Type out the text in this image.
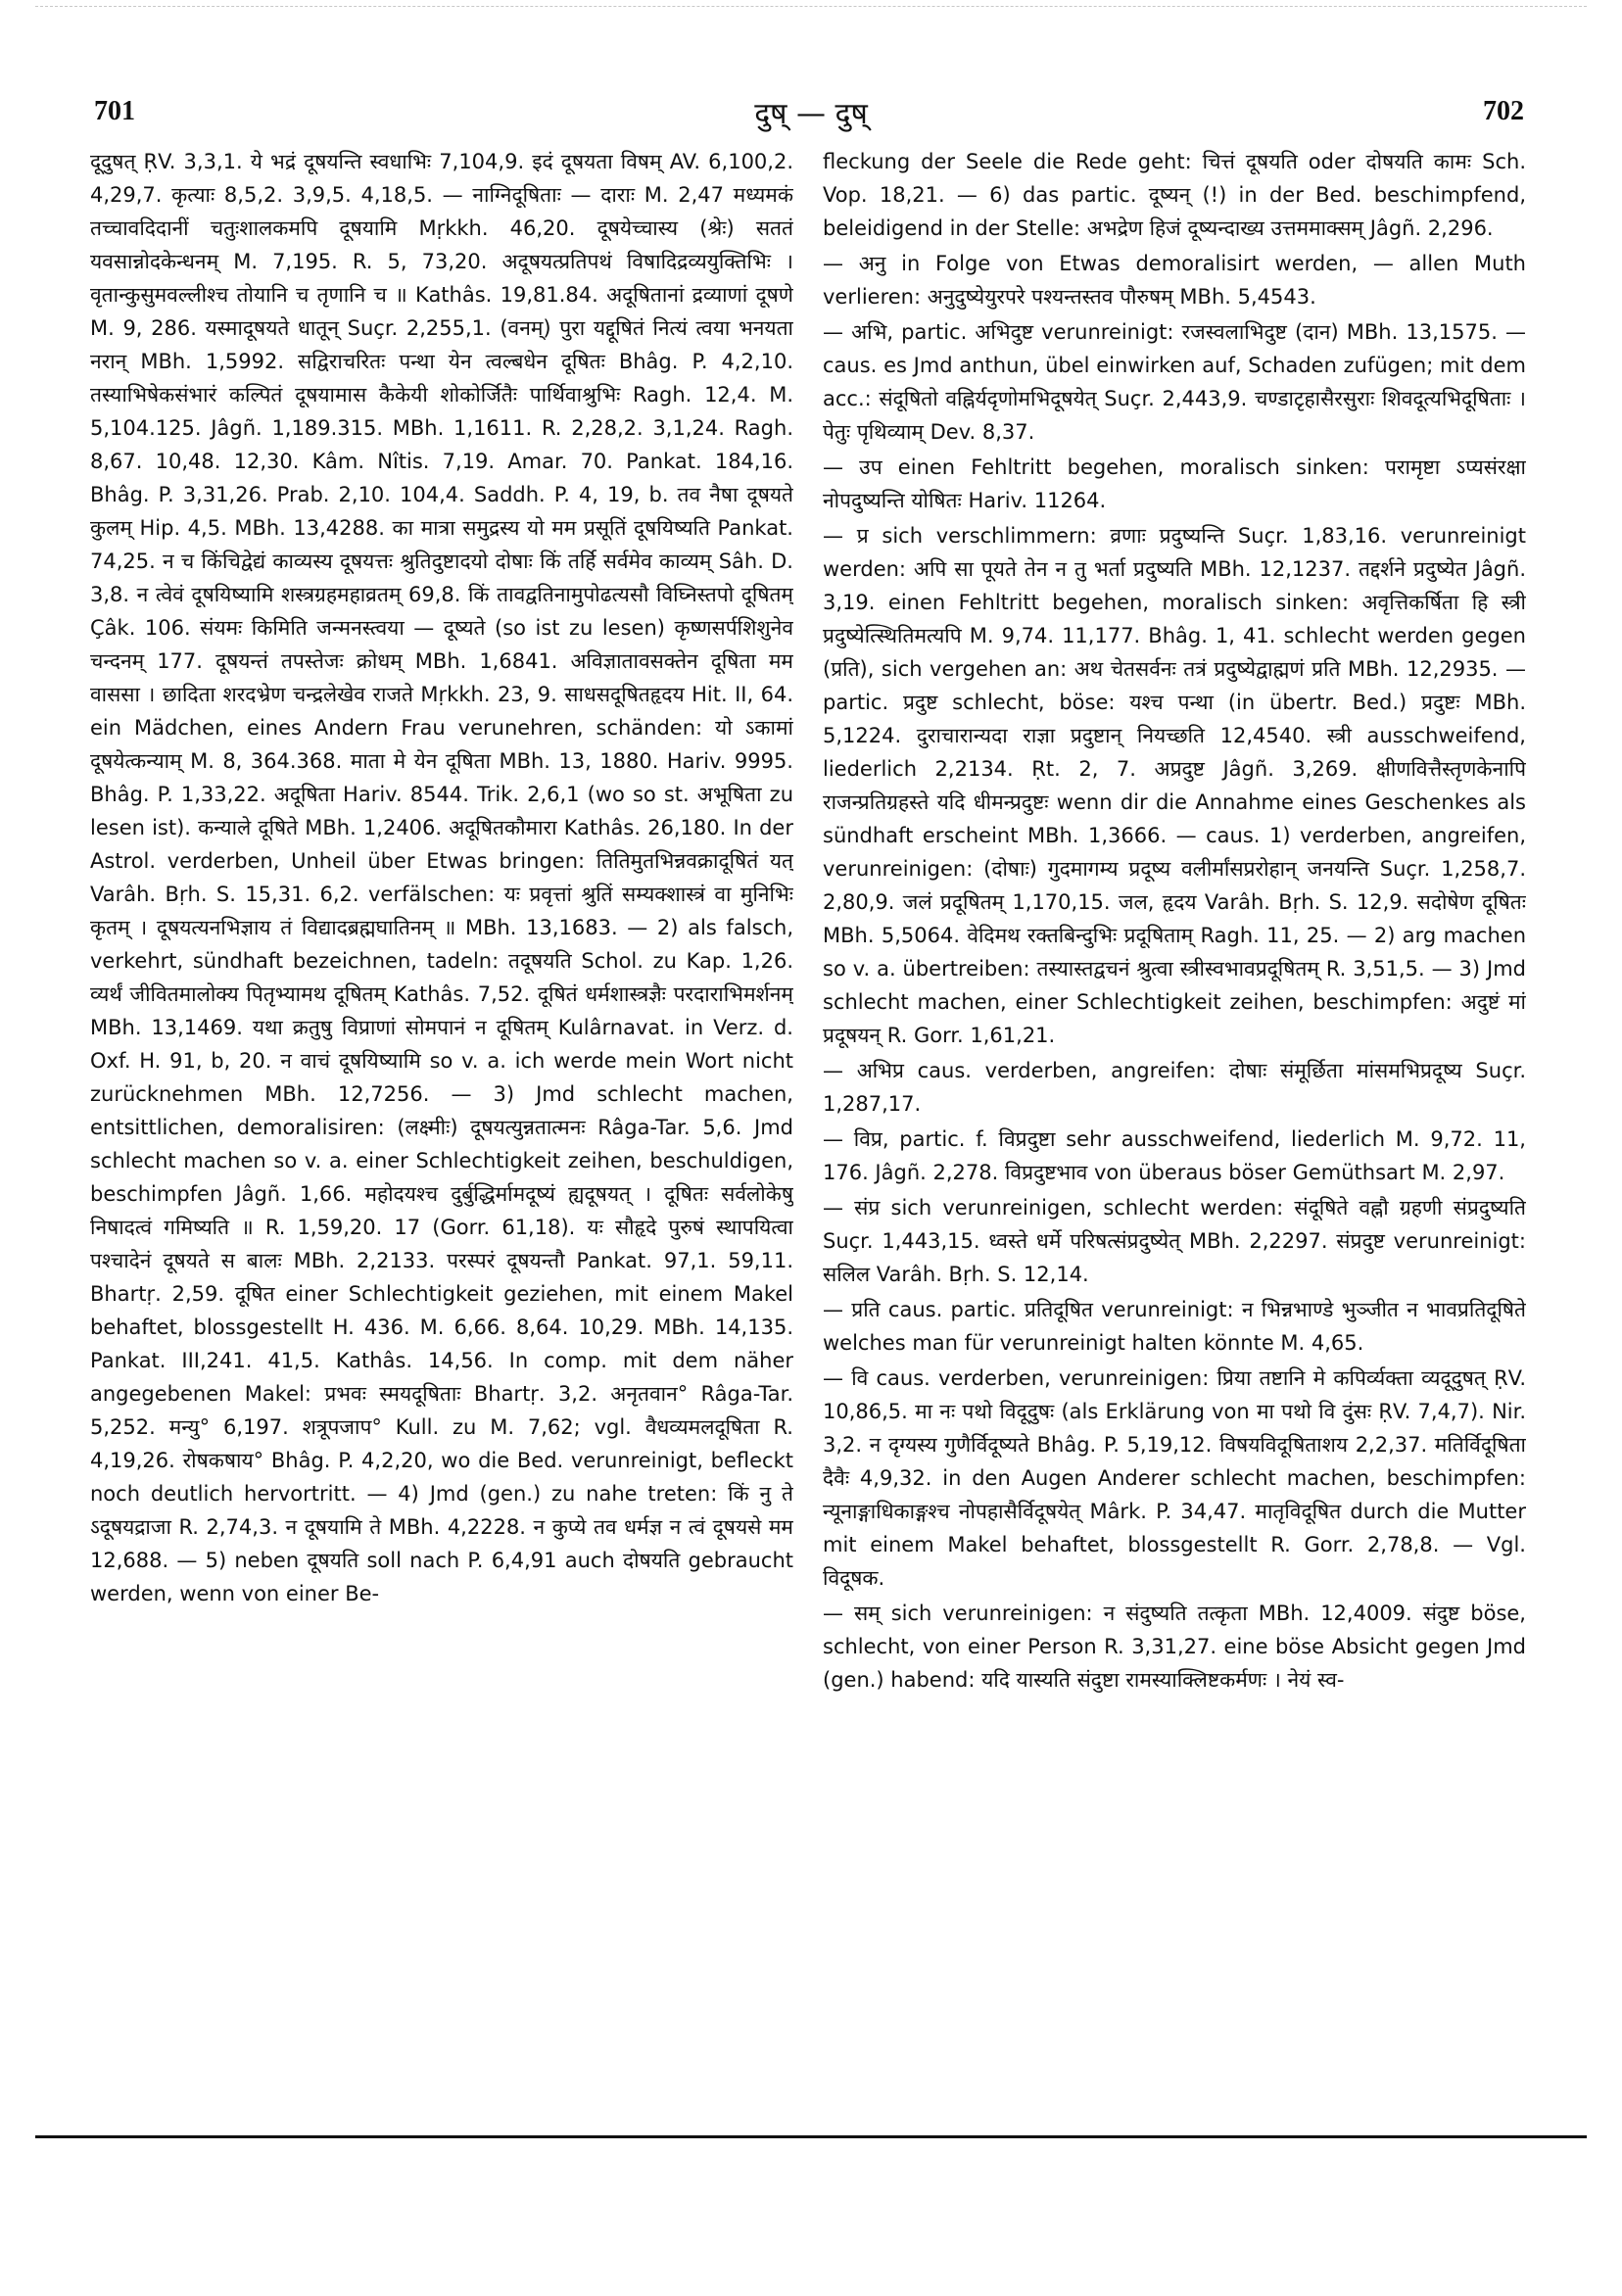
701	दुष् — दुष्	702

दूदुषत् ṚV. 3,3,1. ये भद्रं दूषयन्ति स्वधाभिः 7,104,9. इदं दूषयता विषम् AV. 6,100,2. 4,29,7. कृत्याः 8,5,2. 3,9,5. 4,18,5. — नाग्निदूषिताः — दाराः M. 2,47 मध्यमकं तच्चावदिदानीं चतुःशालकमपि दूषयामि Mṛkkh. 46,20. दूषयेच्चास्य (श्रेः) सततं यवसान्नोदकेन्धनम् M. 7,195. R. 5, 73,20. अदूषयत्प्रतिपथं विषादिद्रव्ययुक्तिभिः । वृतान्कुसुमवल्लीश्च तोयानि च तृणानि च ॥ Kathâs. 19,81.84. अदूषितानां द्रव्याणां दूषणे M. 9, 286. यस्मादूषयते धातून् Suçr. 2,255,1. (वनम्) पुरा यद्दूषितं नित्यं त्वया भनयता नरान् MBh. 1,5992. सद्विराचरितः पन्था येन त्वल्बधेन दूषितः Bhâg. P. 4,2,10. तस्याभिषेकसंभारं कल्पितं दूषयामास कैकेयी शोकोर्जितैः पार्थिवाश्रुभिः Ragh. 12,4. M. 5,104.125. Jâgñ. 1,189.315. MBh. 1,1611. R. 2,28,2. 3,1,24. Ragh. 8,67. 10,48. 12,30. Kâm. Nîtis. 7,19. Amar. 70. Pankat. 184,16. Bhâg. P. 3,31,26. Prab. 2,10. 104,4. Saddh. P. 4, 19, b. तव नैषा दूषयते कुलम् Hip. 4,5. MBh. 13,4288. का मात्रा समुद्रस्य यो मम प्रसूतिं दूषयिष्यति Pankat. 74,25. न च किंचिद्वेद्यं काव्यस्य दूषयत्तः श्रुतिदुष्टादयो दोषाः किं तर्हि सर्वमेव काव्यम् Sâh. D. 3,8. न त्वेवं दूषयिष्यामि शस्त्रग्रहमहाव्रतम् 69,8. किं तावद्वतिनामुपोढत्यसौ विघ्निस्तपो दूषितम् Çâk. 106. संयमः किमिति जन्मनस्त्वया — दूष्यते (so ist zu lesen) कृष्णसर्पशिशुनेव चन्दनम् 177. दूषयन्तं तपस्तेजः क्रोधम् MBh. 1,6841. अविज्ञातावसक्तेन दूषिता मम वाससा । छादिता शरदभ्रेण चन्द्रलेखेव राजते Mṛkkh. 23, 9. साधसदूषितहृदय Hit. II, 64. ein Mädchen, eines Andern Frau verunehren, schänden: यो ऽकामां दूषयेत्कन्याम् M. 8, 364.368. माता मे येन दूषिता MBh. 13, 1880. Hariv. 9995. Bhâg. P. 1,33,22. अदूषिता Hariv. 8544. Trik. 2,6,1 (wo so st. अभूषिता zu lesen ist). कन्याले दूषिते MBh. 1,2406. अदूषितकौमारा Kathâs. 26,180. In der Astrol. verderben, Unheil über Etwas bringen: तितिमुतभिन्नवक्रादूषितं यत् Varâh. Bṛh. S. 15,31. 6,2. verfälschen: यः प्रवृत्तां श्रुतिं सम्यक्शास्त्रं वा मुनिभिः कृतम् । दूषयत्यनभिज्ञाय तं विद्यादब्रह्मघातिनम् ॥ MBh. 13,1683. — 2) als falsch, verkehrt, sündhaft bezeichnen, tadeln: तदूषयति Schol. zu Kap. 1,26. व्यर्थं जीवितमालोक्य पितृभ्यामथ दूषितम् Kathâs. 7,52. दूषितं धर्मशास्त्रज्ञैः परदाराभिमर्शनम् MBh. 13,1469. यथा क्रतुषु विप्राणां सोमपानं न दूषितम् Kulârnavat. in Verz. d. Oxf. H. 91, b, 20. न वाचं दूषयिष्यामि so v. a. ich werde mein Wort nicht zurücknehmen MBh. 12,7256. — 3) Jmd schlecht machen, entsittlichen, demoralisiren: (लक्ष्मीः) दूषयत्युन्नतात्मनः Râga-Tar. 5,6. Jmd schlecht machen so v. a. einer Schlechtigkeit zeihen, beschuldigen, beschimpfen Jâgñ. 1,66. महोदयश्च दुर्बुद्धिर्मामदूष्यं ह्यदूषयत् । दूषितः सर्वलोकेषु निषादत्वं गमिष्यति ॥ R. 1,59,20. 17 (Gorr. 61,18). यः सौहृदे पुरुषं स्थापयित्वा पश्चादेनं दूषयते स बालः MBh. 2,2133. परस्परं दूषयन्तौ Pankat. 97,1. 59,11. Bhartṛ. 2,59. दूषित einer Schlechtigkeit geziehen, mit einem Makel behaftet, blossgestellt H. 436. M. 6,66. 8,64. 10,29. MBh. 14,135. Pankat. III,241. 41,5. Kathâs. 14,56. In comp. mit dem näher angegebenen Makel: प्रभवः स्मयदूषिताः Bhartṛ. 3,2. अनृतवान° Râga-Tar. 5,252. मन्यु° 6,197. शत्रूपजाप° Kull. zu M. 7,62; vgl. वैधव्यमलदूषिता R. 4,19,26. रोषकषाय° Bhâg. P. 4,2,20, wo die Bed. verunreinigt, befleckt noch deutlich hervortritt. — 4) Jmd (gen.) zu nahe treten: किं नु ते ऽदूषयद्राजा R. 2,74,3. न दूषयामि ते MBh. 4,2228. न कुप्ये तव धर्मज्ञ न त्वं दूषयसे मम 12,688. — 5) neben दूषयति soll nach P. 6,4,91 auch दोषयति gebraucht werden, wenn von einer Be-

fleckung der Seele die Rede geht: चित्तं दूषयति oder दोषयति कामः Sch. Vop. 18,21. — 6) das partic. दूष्यन् (!) in der Bed. beschimpfend, beleidigend in der Stelle: अभद्रेण हिजं दूष्यन्दाख्य उत्तममाक्सम् Jâgñ. 2,296.

— अनु in Folge von Etwas demoralisirt werden, — allen Muth verlieren: अनुदुष्येयुरपरे पश्यन्तस्तव पौरुषम् MBh. 5,4543.

— अभि, partic. अभिदुष्ट verunreinigt: रजस्वलाभिदुष्ट (दान) MBh. 13,1575. — caus. es Jmd anthun, übel einwirken auf, Schaden zufügen; mit dem acc.: संदूषितो वह्निर्यदृणोमभिदूषयेत् Suçr. 2,443,9. चण्डाटृहासैरसुराः शिवदूत्यभिदूषिताः । पेतुः पृथिव्याम् Dev. 8,37.

— उप einen Fehltritt begehen, moralisch sinken: परामृष्टा ऽप्यसंरक्षा नोपदुष्यन्ति योषितः Hariv. 11264.

— प्र sich verschlimmern: व्रणाः प्रदुष्यन्ति Suçr. 1,83,16. verunreinigt werden: अपि सा पूयते तेन न तु भर्ता प्रदुष्यति MBh. 12,1237. तद्दर्शने प्रदुष्येत Jâgñ. 3,19. einen Fehltritt begehen, moralisch sinken: अवृत्तिकर्षिता हि स्त्री प्रदुष्येत्स्थितिमत्यपि M. 9,74. 11,177. Bhâg. 1, 41. schlecht werden gegen (प्रति), sich vergehen an: अथ चेतसर्वनः तत्रं प्रदुष्येद्वाह्मणं प्रति MBh. 12,2935. — partic. प्रदुष्ट schlecht, böse: यश्च पन्था (in übertr. Bed.) प्रदुष्टः MBh. 5,1224. दुराचारान्यदा राज्ञा प्रदुष्टान् नियच्छति 12,4540. स्त्री ausschweifend, liederlich 2,2134. Ṛt. 2, 7. अप्रदुष्ट Jâgñ. 3,269. क्षीणवित्तैस्तृणकेनापि राजन्प्रतिग्रहस्ते यदि धीमन्प्रदुष्टः wenn dir die Annahme eines Geschenkes als sündhaft erscheint MBh. 1,3666. — caus. 1) verderben, angreifen, verunreinigen: (दोषाः) गुदमागम्य प्रदूष्य वलीर्मांसप्ररोहान् जनयन्ति Suçr. 1,258,7. 2,80,9. जलं प्रदूषितम् 1,170,15. जल, हृदय Varâh. Bṛh. S. 12,9. सदोषेण दूषितः MBh. 5,5064. वेदिमथ रक्तबिन्दुभिः प्रदूषिताम् Ragh. 11, 25. — 2) arg machen so v. a. übertreiben: तस्यास्तद्वचनं श्रुत्वा स्त्रीस्वभावप्रदूषितम् R. 3,51,5. — 3) Jmd schlecht machen, einer Schlechtigkeit zeihen, beschimpfen: अदुष्टं मां प्रदूषयन् R. Gorr. 1,61,21.

— अभिप्र caus. verderben, angreifen: दोषाः संमूर्छिता मांसमभिप्रदूष्य Suçr. 1,287,17.

— विप्र, partic. f. विप्रदुष्टा sehr ausschweifend, liederlich M. 9,72. 11, 176. Jâgñ. 2,278. विप्रदुष्टभाव von überaus böser Gemüthsart M. 2,97.

— संप्र sich verunreinigen, schlecht werden: संदूषिते वह्नौ ग्रहणी संप्रदुष्यति Suçr. 1,443,15. ध्वस्ते धर्मे परिषत्संप्रदुष्येत् MBh. 2,2297. संप्रदुष्ट verunreinigt: सलिल Varâh. Bṛh. S. 12,14.

— प्रति caus. partic. प्रतिदूषित verunreinigt: न भिन्नभाण्डे भुञ्जीत न भावप्रतिदूषिते welches man für verunreinigt halten könnte M. 4,65.

— वि caus. verderben, verunreinigen: प्रिया तष्टानि मे कपिर्व्यक्ता व्यदूदुषत् ṚV. 10,86,5. मा नः पथो विदूदुषः (als Erklärung von मा पथो वि दुंसः ṚV. 7,4,7). Nir. 3,2. न दृग्यस्य गुणैर्विदूष्यते Bhâg. P. 5,19,12. विषयविदूषिताशय 2,2,37. मतिर्विदूषिता दैवैः 4,9,32. in den Augen Anderer schlecht machen, beschimpfen: न्यूनाङ्गाधिकाङ्गश्च नोपहासैर्विदूषयेत् Mârk. P. 34,47. मातृविदूषित durch die Mutter mit einem Makel behaftet, blossgestellt R. Gorr. 2,78,8. — Vgl. विदूषक.

— सम् sich verunreinigen: न संदुष्यति तत्कृता MBh. 12,4009. संदुष्ट böse, schlecht, von einer Person R. 3,31,27. eine böse Absicht gegen Jmd (gen.) habend: यदि यास्यति संदुष्टा रामस्याक्लिष्टकर्मणः । नेयं स्व-
